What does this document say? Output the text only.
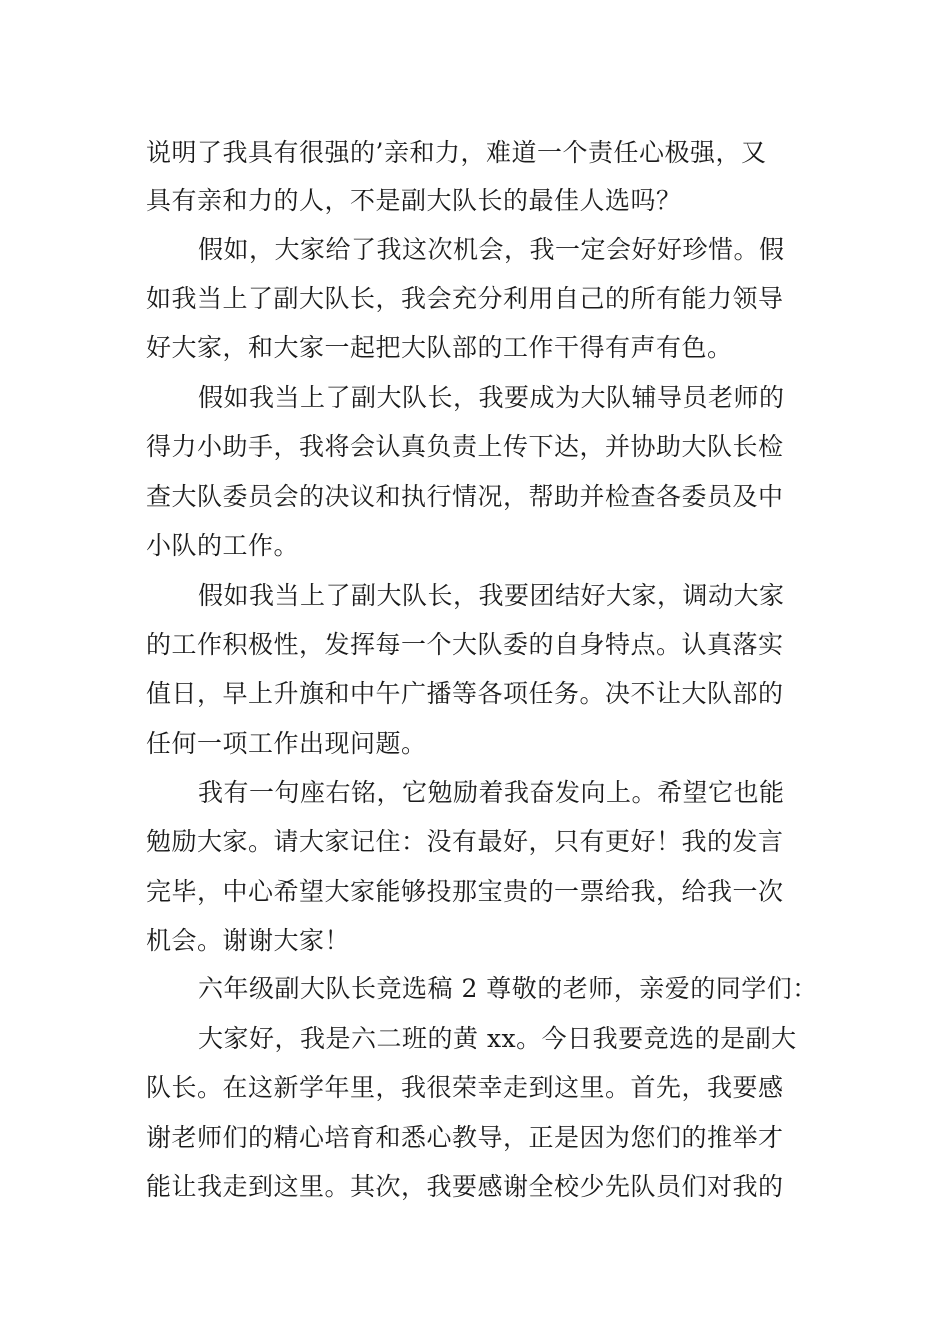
说明了我具有很强的’亲和力，难道一个责任心极强，又
具有亲和力的人，不是副大队长的最佳人选吗？
假如，大家给了我这次机会，我一定会好好珍惜。假
如我当上了副大队长，我会充分利用自己的所有能力领导
好大家，和大家一起把大队部的工作干得有声有色。
假如我当上了副大队长，我要成为大队辅导员老师的
得力小助手，我将会认真负责上传下达，并协助大队长检
查大队委员会的决议和执行情况，帮助并检查各委员及中
小队的工作。
假如我当上了副大队长，我要团结好大家，调动大家
的工作积极性，发挥每一个大队委的自身特点。认真落实
值日，早上升旗和中午广播等各项任务。决不让大队部的
任何一项工作出现问题。
我有一句座右铭，它勉励着我奋发向上。希望它也能
勉励大家。请大家记住：没有最好，只有更好！我的发言
完毕，中心希望大家能够投那宝贵的一票给我，给我一次
机会。谢谢大家！
六年级副大队长竞选稿 2 尊敬的老师，亲爱的同学们：
大家好，我是六二班的黄 xx。今日我要竞选的是副大
队长。在这新学年里，我很荣幸走到这里。首先，我要感
谢老师们的精心培育和悉心教导，正是因为您们的推举才
能让我走到这里。其次，我要感谢全校少先队员们对我的
